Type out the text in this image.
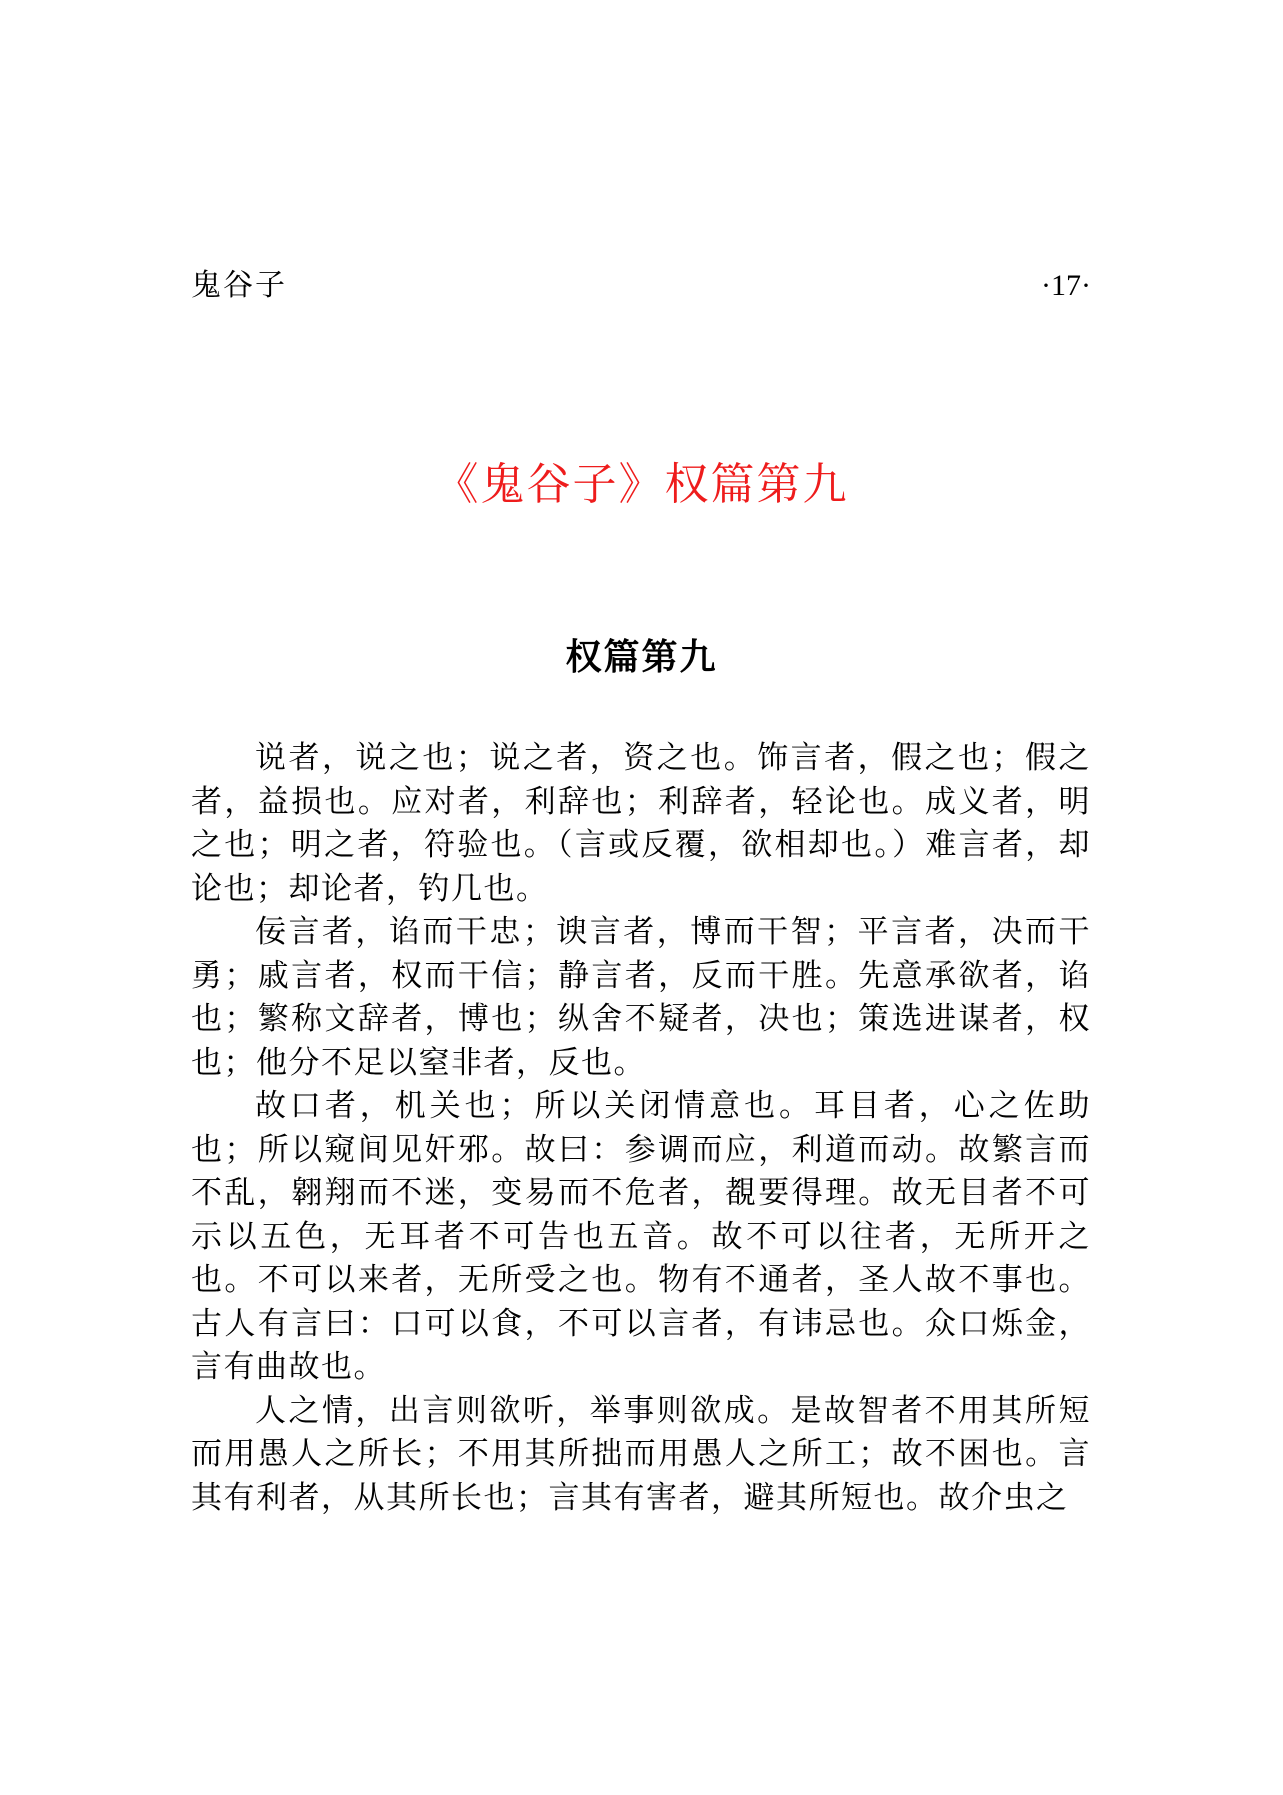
鬼谷子	·17·
《鬼谷子》权篇第九
权篇第九

说者，说之也；说之者，资之也。饰言者，假之也；假之者，益损也。应对者，利辞也；利辞者，轻论也。成义者，明之也；明之者，符验也。（言或反覆，欲相却也。）难言者，却论也；却论者，钓几也。

佞言者，谄而干忠；谀言者，博而干智；平言者，决而干勇；戚言者，权而干信；静言者，反而干胜。先意承欲者，谄也；繁称文辞者，博也；纵舍不疑者，决也；策选进谋者，权也；他分不足以窒非者，反也。

故口者，机关也；所以关闭情意也。耳目者，心之佐助也；所以窥间见奸邪。故曰：参调而应，利道而动。故繁言而不乱，翱翔而不迷，变易而不危者，覩要得理。故无目者不可示以五色，无耳者不可告也五音。故不可以往者，无所开之也。不可以来者，无所受之也。物有不通者，圣人故不事也。古人有言曰：口可以食，不可以言者，有讳忌也。众口烁金，言有曲故也。

人之情，出言则欲听，举事则欲成。是故智者不用其所短而用愚人之所长；不用其所拙而用愚人之所工；故不困也。言其有利者，从其所长也；言其有害者，避其所短也。故介虫之
